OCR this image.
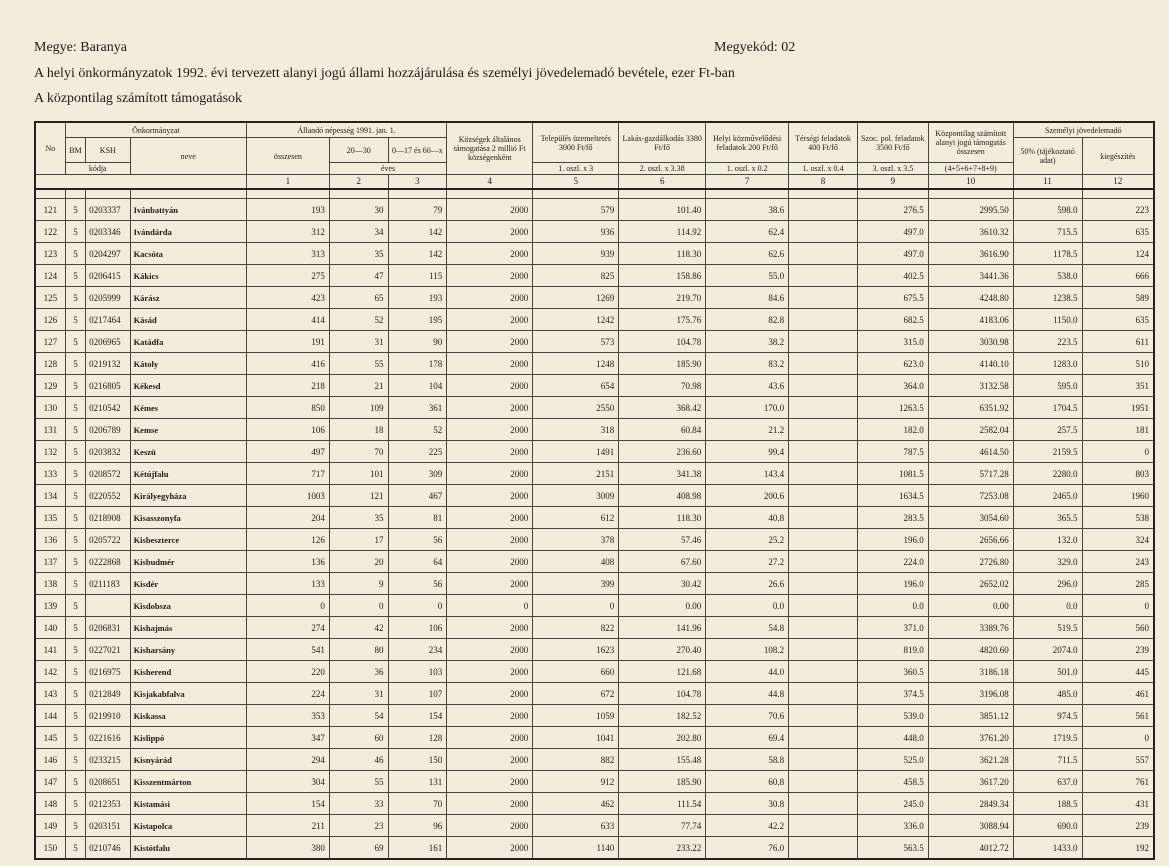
Megye: Baranya	Megyekód: 02
A helyi önkormányzatok 1992. évi tervezett alanyi jogú állami hozzájárulása és személyi jövedelemadó bevétele, ezer Ft-ban
A központilag számított támogatások
No	Önkormányzat			Állandó népesség 1991. jan. 1.			Községek általános támogatása 2 millió Ft községenként	Település üzemeltetés 3000 Ft/fő	Lakás-gazdálkodás 3380 Ft/fő	Helyi közművelődési feladatok 200 Ft/fő	Térségi feladatok 400 Ft/fő	Szoc. pol. feladatok 3500 Ft/fő	Központilag számított alanyi jogú támogatás összesen	Személyi jövedelemadó	
	BM	KSH	neve	összesen	20—30	0—17 és 60—x								50% (tájékoztató adat)	kiegészítés
	kódja				éves			1. oszl. x 3	2. oszl. x 3.38	1. oszl. x 0.2	1. oszl. x 0.4	3. oszl. x 3.5	(4+5+6+7+8+9)		
				1	2	3	4	5	6	7	8	9	10	11	12

121	5	0203337	Ivánbattyán	193	30	79	2000	579	101.40	38.6		276.5	2995.50	598.0	223
122	5	0203346	Ivándárda	312	34	142	2000	936	114.92	62.4		497.0	3610.32	715.5	635
123	5	0204297	Kacsóta	313	35	142	2000	939	118.30	62.6		497.0	3616.90	1178.5	124
124	5	0206415	Kákics	275	47	115	2000	825	158.86	55.0		402.5	3441.36	538.0	666
125	5	0205999	Kárász	423	65	193	2000	1269	219.70	84.6		675.5	4248.80	1238.5	589
126	5	0217464	Kásád	414	52	195	2000	1242	175.76	82.8		682.5	4183.06	1150.0	635
127	5	0206965	Katádfa	191	31	90	2000	573	104.78	38.2		315.0	3030.98	223.5	611
128	5	0219132	Kátoly	416	55	178	2000	1248	185.90	83.2		623.0	4140.10	1283.0	510
129	5	0216805	Kékesd	218	21	104	2000	654	70.98	43.6		364.0	3132.58	595.0	351
130	5	0210542	Kémes	850	109	361	2000	2550	368.42	170.0		1263.5	6351.92	1704.5	1951
131	5	0206789	Kemse	106	18	52	2000	318	60.84	21.2		182.0	2582.04	257.5	181
132	5	0203832	Keszü	497	70	225	2000	1491	236.60	99.4		787.5	4614.50	2159.5	0
133	5	0208572	Kétújfalu	717	101	309	2000	2151	341.38	143.4		1081.5	5717.28	2280.0	803
134	5	0220552	Királyegyháza	1003	121	467	2000	3009	408.98	200.6		1634.5	7253.08	2465.0	1960
135	5	0218908	Kisasszonyfa	204	35	81	2000	612	118.30	40.8		283.5	3054.60	365.5	538
136	5	0205722	Kisbeszterce	126	17	56	2000	378	57.46	25.2		196.0	2656.66	132.0	324
137	5	0222868	Kisbudmér	136	20	64	2000	408	67.60	27.2		224.0	2726.80	329.0	243
138	5	0211183	Kisdér	133	9	56	2000	399	30.42	26.6		196.0	2652.02	296.0	285
139	5		Kisdobsza	0	0	0	0	0	0.00	0.0		0.0	0.00	0.0	0
140	5	0206831	Kishajmás	274	42	106	2000	822	141.96	54.8		371.0	3389.76	519.5	560
141	5	0227021	Kisharsány	541	80	234	2000	1623	270.40	108.2		819.0	4820.60	2074.0	239
142	5	0216975	Kisherend	220	36	103	2000	660	121.68	44.0		360.5	3186.18	501.0	445
143	5	0212849	Kisjakabfalva	224	31	107	2000	672	104.78	44.8		374.5	3196.08	485.0	461
144	5	0219910	Kiskassa	353	54	154	2000	1059	182.52	70.6		539.0	3851.12	974.5	561
145	5	0221616	Kislippó	347	60	128	2000	1041	202.80	69.4		448.0	3761.20	1719.5	0
146	5	0233215	Kisnyárád	294	46	150	2000	882	155.48	58.8		525.0	3621.28	711.5	557
147	5	0208651	Kisszentmárton	304	55	131	2000	912	185.90	60.8		458.5	3617.20	637.0	761
148	5	0212353	Kistamási	154	33	70	2000	462	111.54	30.8		245.0	2849.34	188.5	431
149	5	0203151	Kistapolca	211	23	96	2000	633	77.74	42.2		336.0	3088.94	690.0	239
150	5	0210746	Kistótfalu	380	69	161	2000	1140	233.22	76.0		563.5	4012.72	1433.0	192
